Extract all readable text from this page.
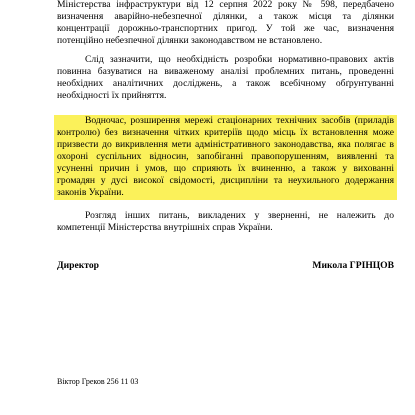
Міністерства інфраструктури від 12 серпня 2022 року № 598, передбачено
визначення аварійно-небезпечної ділянки, а також місця та ділянки
концентрації дорожньо-транспортних пригод. У той же час, визначення
потенційно небезпечної ділянки законодавством не встановлено.
Слід зазначити, що необхідність розробки нормативно-правових актів
повинна базуватися на виваженому аналізі проблемних питань, проведенні
необхідних аналітичних досліджень, а також всебічному обґрунтуванні
необхідності їх прийняття.
Водночас, розширення мережі стаціонарних технічних засобів (приладів
контролю) без визначення чітких критеріїв щодо місць їх встановлення може
призвести до викривлення мети адміністративного законодавства, яка полягає в
охороні суспільних відносин, запобіганні правопорушенням, виявленні та
усуненні причин і умов, що сприяють їх вчиненню, а також у вихованні
громадян у дусі високої свідомості, дисципліни та неухильного додержання
законів України.
Розгляд інших питань, викладених у зверненні, не належить до
компетенції Міністерства внутрішніх справ України.
Директор	Микола ГРІНЦОВ
Віктор Греков 256 11 03
